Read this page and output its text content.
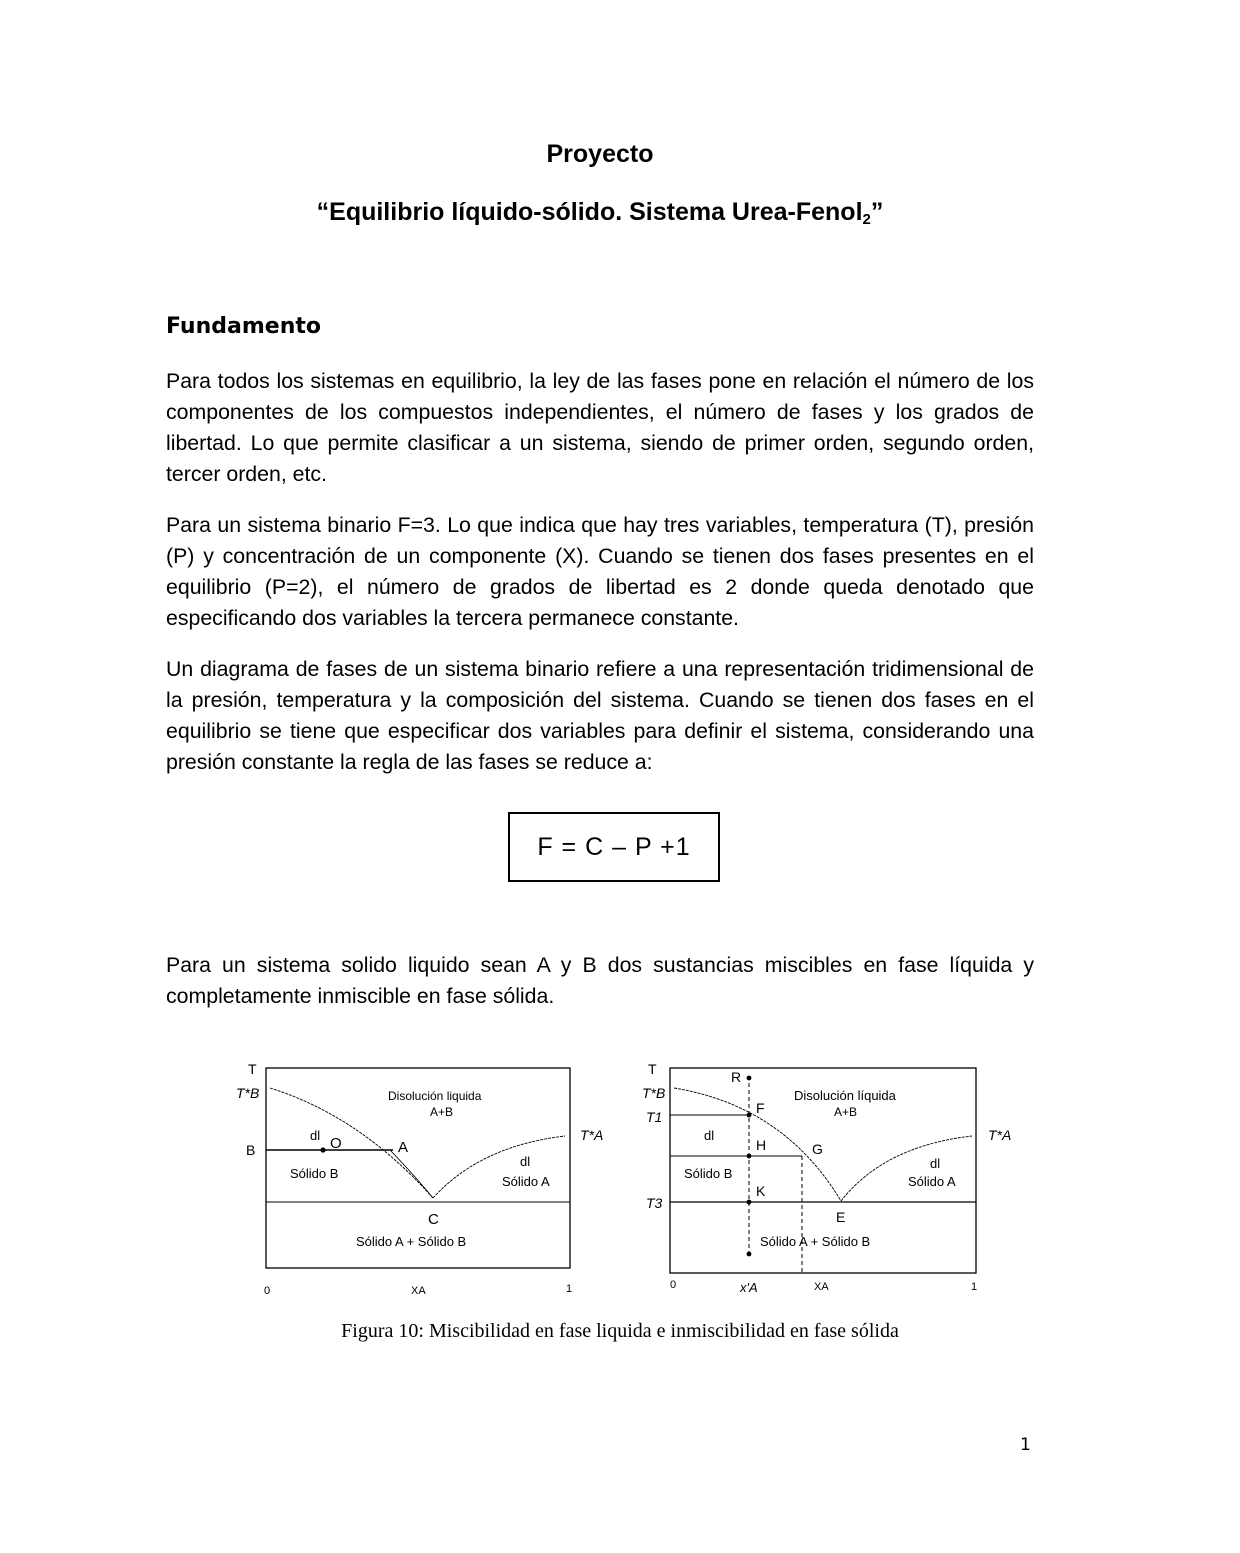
Proyecto
“Equilibrio líquido-sólido. Sistema Urea-Fenol$_2$”
Fundamento

Para todos los sistemas en equilibrio, la ley de las fases pone en relación el número de los componentes de los compuestos independientes, el número de fases y los grados de libertad. Lo que permite clasificar a un sistema, siendo de primer orden, segundo orden, tercer orden, etc.

Para un sistema binario F=3. Lo que indica que hay tres variables, temperatura (T), presión (P) y concentración de un componente (X). Cuando se tienen dos fases presentes en el equilibrio (P=2), el número de grados de libertad es 2 donde queda denotado que especificando dos variables la tercera permanece constante.

Un diagrama de fases de un sistema binario refiere a una representación tridimensional de la presión, temperatura y la composición del sistema. Cuando se tienen dos fases en el equilibrio se tiene que especificar dos variables para definir el sistema, considerando una presión constante la regla de las fases se reduce a:

F = C – P +1

Para un sistema solido liquido sean A y B dos sustancias miscibles en fase líquida y completamente inmiscible en fase sólida.

T
T*B
B
T*A
Disolución liquida
A+B
dl O	A
Sólido B
dl
Sólido A
C
Sólido A + Sólido B
0	XA	1
T
T*B
T1
T3
T*A
R
F
H	G
K
E
Disolución líquida
A+B
dl
dl
Sólido B
Sólido A
Sólido A + Sólido B
0	x'A	XA	1
Figura 10: Miscibilidad en fase liquida e inmiscibilidad en fase sólida
1
